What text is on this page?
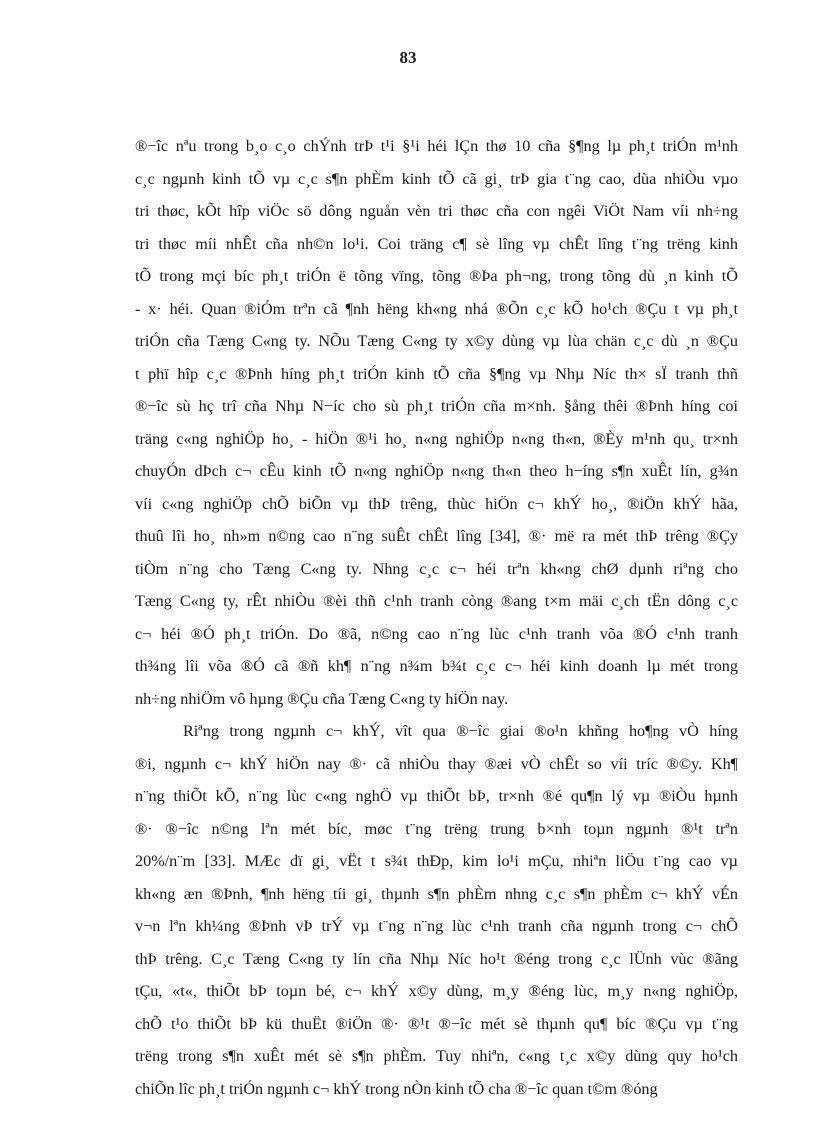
83

®−îc nªu trong b¸o c¸o chÝnh trÞ t¹i §¹i héi lÇn thø 10 cña §¶ng lµ ph¸t triÓn m¹nh
c¸c ngµnh kinh tÕ vµ c¸c s¶n phÈm kinh tÕ cã gi¸ trÞ gia t¨ng cao, dùa nhiÒu vµo
tri thøc, kÕt hîp viÖc sö dông nguån vèn tri thøc cña con ngêi ViÖt Nam víi nh÷ng
tri thøc míi nhÊt cña nh©n lo¹i. Coi träng c¶ sè lîng vµ chÊt lîng t¨ng trëng kinh
tÕ trong mçi bíc ph¸t triÓn ë tõng vïng, tõng ®Þa ph¬ng, trong tõng dù ¸n kinh tÕ
- x· héi. Quan ®iÓm trªn cã ¶nh hëng kh«ng nhá ®Õn c¸c kÕ ho¹ch ®Çu t vµ ph¸t
triÓn cña Tæng C«ng ty. NÕu Tæng C«ng ty x©y dùng vµ lùa chän c¸c dù ¸n ®Çu
t phï hîp c¸c ®Þnh híng ph¸t triÓn kinh tÕ cña §¶ng vµ Nhµ Níc th× sÏ tranh thñ
®−îc sù hç trî cña Nhµ N−íc cho sù ph¸t triÓn cña m×nh. §ång thêi ®Þnh híng coi
träng c«ng nghiÖp ho¸ - hiÖn ®¹i ho¸ n«ng nghiÖp n«ng th«n, ®Èy m¹nh qu¸ tr×nh
chuyÓn dÞch c¬ cÊu kinh tÕ n«ng nghiÖp n«ng th«n theo h−íng s¶n xuÊt lín, g¾n
víi c«ng nghiÖp chÕ biÕn vµ thÞ trêng, thùc hiÖn c¬ khÝ ho¸, ®iÖn khÝ hãa,
thuû lîi ho¸ nh»m n©ng cao n¨ng suÊt chÊt lîng [34], ®· më ra mét thÞ trêng ®Çy
tiÒm n¨ng cho Tæng C«ng ty. Nhng c¸c c¬ héi trªn kh«ng chØ dµnh riªng cho
Tæng C«ng ty, rÊt nhiÒu ®èi thñ c¹nh tranh còng ®ang t×m mäi c¸ch tËn dông c¸c
c¬ héi ®Ó ph¸t triÓn. Do ®ã, n©ng cao n¨ng lùc c¹nh tranh võa ®Ó c¹nh tranh
th¾ng lîi võa ®Ó cã ®ñ kh¶ n¨ng n¾m b¾t c¸c c¬ héi kinh doanh lµ mét trong
nh÷ng nhiÖm vô hµng ®Çu cña Tæng C«ng ty hiÖn nay.
Riªng trong ngµnh c¬ khÝ, vît qua ®−îc giai ®o¹n khñng ho¶ng vÒ híng
®i, ngµnh c¬ khÝ hiÖn nay ®· cã nhiÒu thay ®æi vÒ chÊt so víi tríc ®©y. Kh¶
n¨ng thiÕt kÕ, n¨ng lùc c«ng nghÖ vµ thiÕt bÞ, tr×nh ®é qu¶n lý vµ ®iÒu hµnh
®· ®−îc n©ng lªn mét bíc, møc t¨ng trëng trung b×nh toµn ngµnh ®¹t trªn
20%/n¨m [33]. MÆc dï gi¸ vËt t s¾t thÐp, kim lo¹i mÇu, nhiªn liÖu t¨ng cao vµ
kh«ng æn ®Þnh, ¶nh hëng tíi gi¸ thµnh s¶n phÈm nhng c¸c s¶n phÈm c¬ khÝ vÉn
v¬n lªn kh¼ng ®Þnh vÞ trÝ vµ t¨ng n¨ng lùc c¹nh tranh cña ngµnh trong c¬ chÕ
thÞ trêng. C¸c Tæng C«ng ty lín cña Nhµ Níc ho¹t ®éng trong c¸c lÜnh vùc ®ãng
tÇu, «t«, thiÕt bÞ toµn bé, c¬ khÝ x©y dùng, m¸y ®éng lùc, m¸y n«ng nghiÖp,
chÕ t¹o thiÕt bÞ kü thuËt ®iÖn ®· ®¹t ®−îc mét sè thµnh qu¶ bíc ®Çu vµ t¨ng
trëng trong s¶n xuÊt mét sè s¶n phÈm. Tuy nhiªn, c«ng t¸c x©y dùng quy ho¹ch
chiÕn lîc ph¸t triÓn ngµnh c¬ khÝ trong nÒn kinh tÕ cha ®−îc quan t©m ®óng
